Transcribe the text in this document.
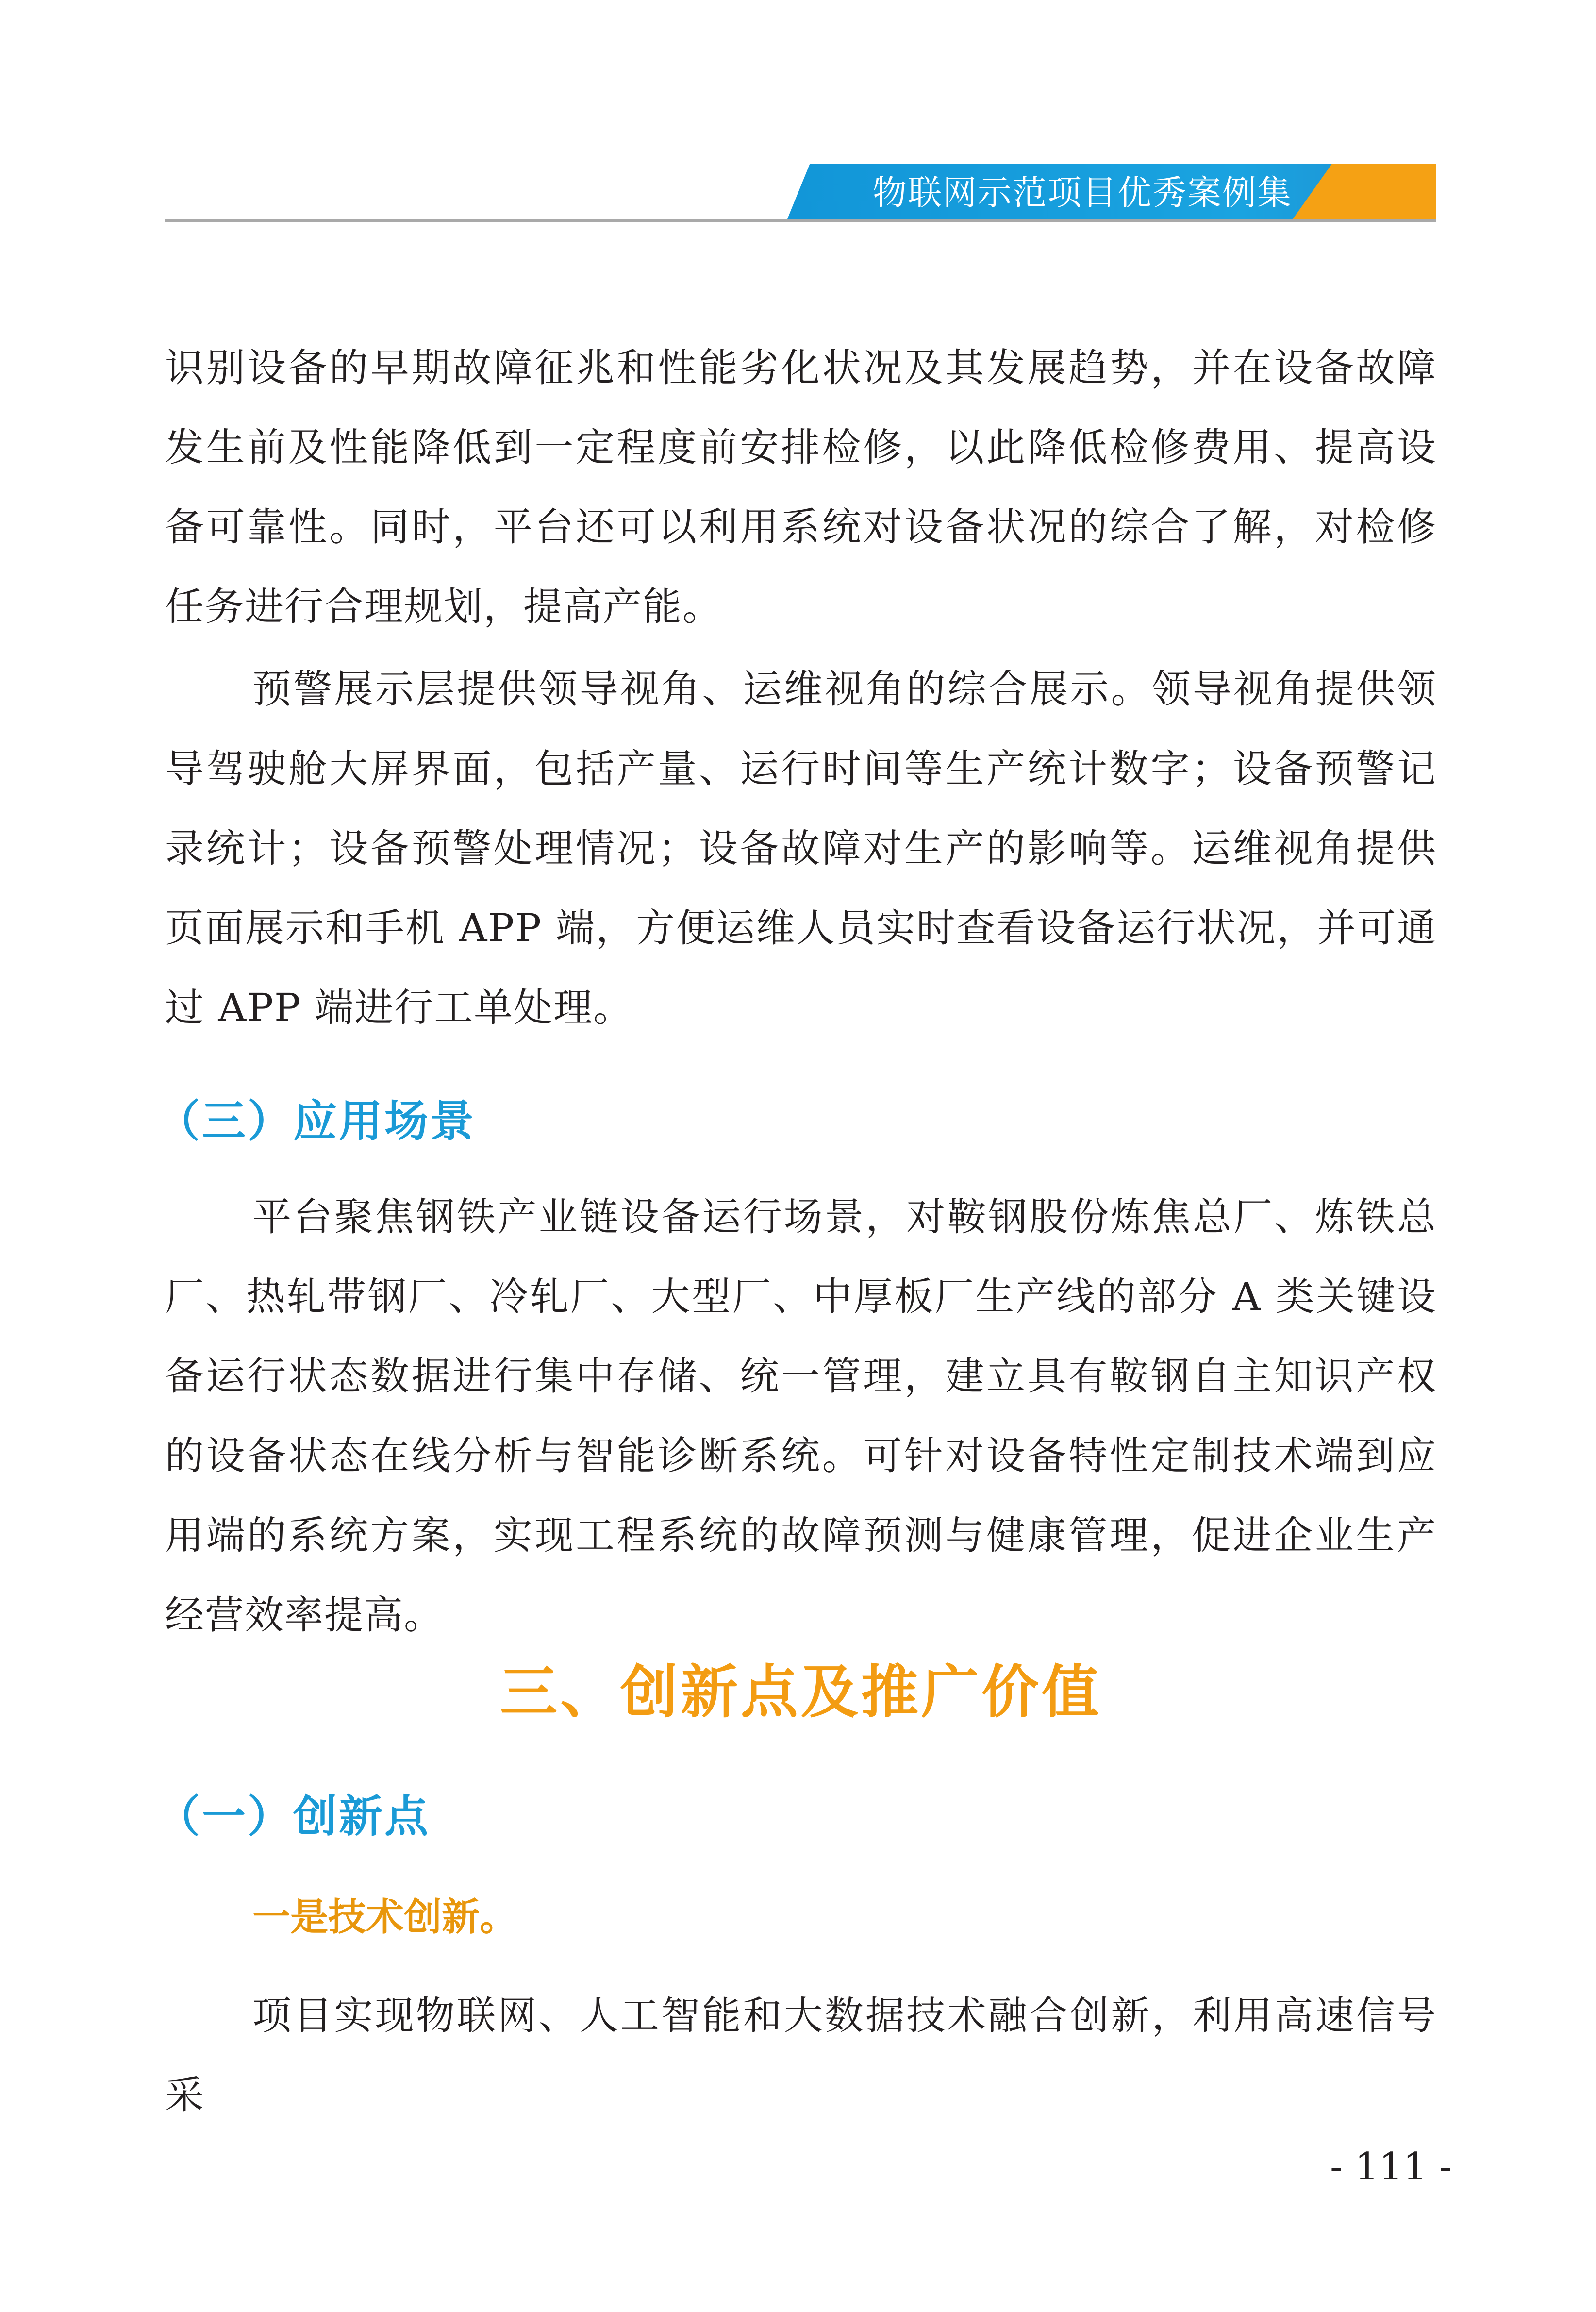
物联网示范项目优秀案例集

识别设备的早期故障征兆和性能劣化状况及其发展趋势，并在设备故障发生前及性能降低到一定程度前安排检修，以此降低检修费用、提高设备可靠性。同时，平台还可以利用系统对设备状况的综合了解，对检修任务进行合理规划，提高产能。

预警展示层提供领导视角、运维视角的综合展示。领导视角提供领导驾驶舱大屏界面，包括产量、运行时间等生产统计数字；设备预警记录统计；设备预警处理情况；设备故障对生产的影响等。运维视角提供页面展示和手机 APP 端，方便运维人员实时查看设备运行状况，并可通过 APP 端进行工单处理。

（三）应用场景

平台聚焦钢铁产业链设备运行场景，对鞍钢股份炼焦总厂、炼铁总厂、热轧带钢厂、冷轧厂、大型厂、中厚板厂生产线的部分 A 类关键设备运行状态数据进行集中存储、统一管理，建立具有鞍钢自主知识产权的设备状态在线分析与智能诊断系统。可针对设备特性定制技术端到应用端的系统方案，实现工程系统的故障预测与健康管理，促进企业生产经营效率提高。

三、创新点及推广价值
（一）创新点
一是技术创新。

项目实现物联网、人工智能和大数据技术融合创新，利用高速信号采

- 111 -
